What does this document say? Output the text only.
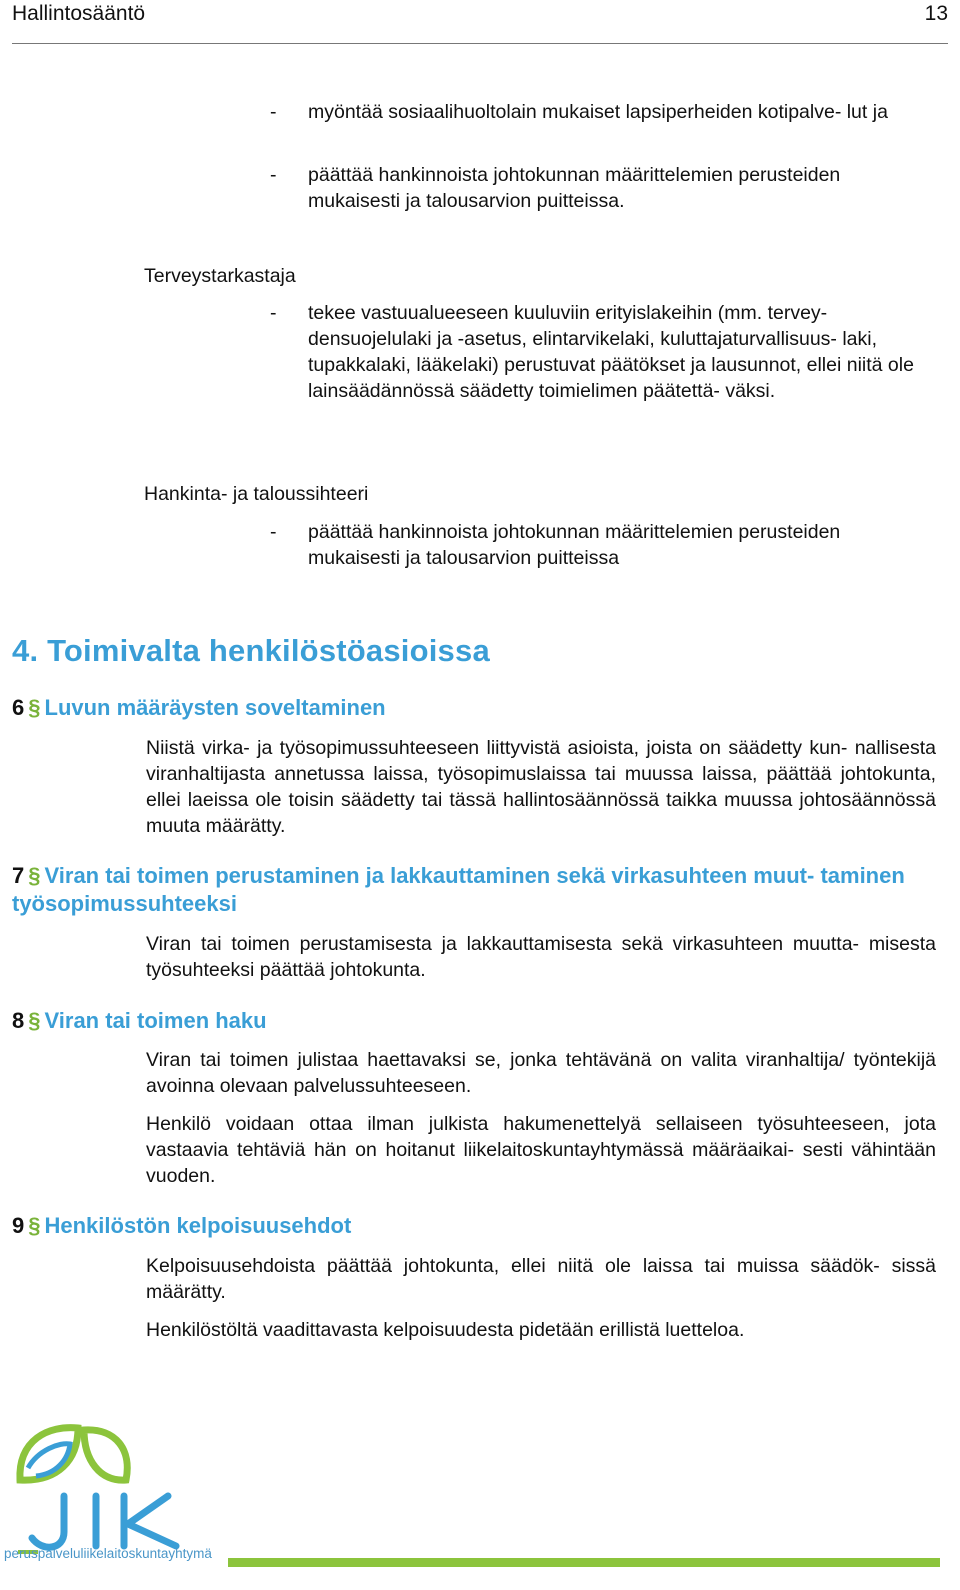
Hallintosääntö	13
-	myöntää sosiaalihuoltolain mukaiset lapsiperheiden kotipalve- lut ja
-	päättää hankinnoista johtokunnan määrittelemien perusteiden mukaisesti ja talousarvion puitteissa.
Terveystarkastaja
-	tekee vastuualueeseen kuuluviin erityislakeihin (mm. tervey- densuojelulaki ja -asetus, elintarvikelaki, kuluttajaturvallisuus- laki, tupakkalaki, lääkelaki) perustuvat päätökset ja lausunnot, ellei niitä ole lainsäädännössä säädetty toimielimen päätettä- väksi.
Hankinta- ja taloussihteeri
-	päättää hankinnoista johtokunnan määrittelemien perusteiden mukaisesti ja talousarvion puitteissa
4. Toimivalta henkilöstöasioissa
6 § Luvun määräysten soveltaminen
Niistä virka- ja työsopimussuhteeseen liittyvistä asioista, joista on säädetty kun- nallisesta viranhaltijasta annetussa laissa, työsopimuslaissa tai muussa laissa, päättää johtokunta, ellei laeissa ole toisin säädetty tai tässä hallintosäännössä taikka muussa johtosäännössä muuta määrätty.
7 § Viran tai toimen perustaminen ja lakkauttaminen sekä virkasuhteen muut- taminen työsopimussuhteeksi
Viran tai toimen perustamisesta ja lakkauttamisesta sekä virkasuhteen muutta- misesta työsuhteeksi päättää johtokunta.
8 § Viran tai toimen haku
Viran tai toimen julistaa haettavaksi se, jonka tehtävänä on valita viranhaltija/ työntekijä avoinna olevaan palvelussuhteeseen.
Henkilö voidaan ottaa ilman julkista hakumenettelyä sellaiseen työsuhteeseen, jota vastaavia tehtäviä hän on hoitanut liikelaitoskuntayhtymässä määräaikai- sesti vähintään vuoden.
9 § Henkilöstön kelpoisuusehdot
Kelpoisuusehdoista päättää johtokunta, ellei niitä ole laissa tai muissa säädök- sissä määrätty.
Henkilöstöltä vaadittavasta kelpoisuudesta pidetään erillistä luetteloa.
peruspalveluliikelaitoskuntayhtymä
